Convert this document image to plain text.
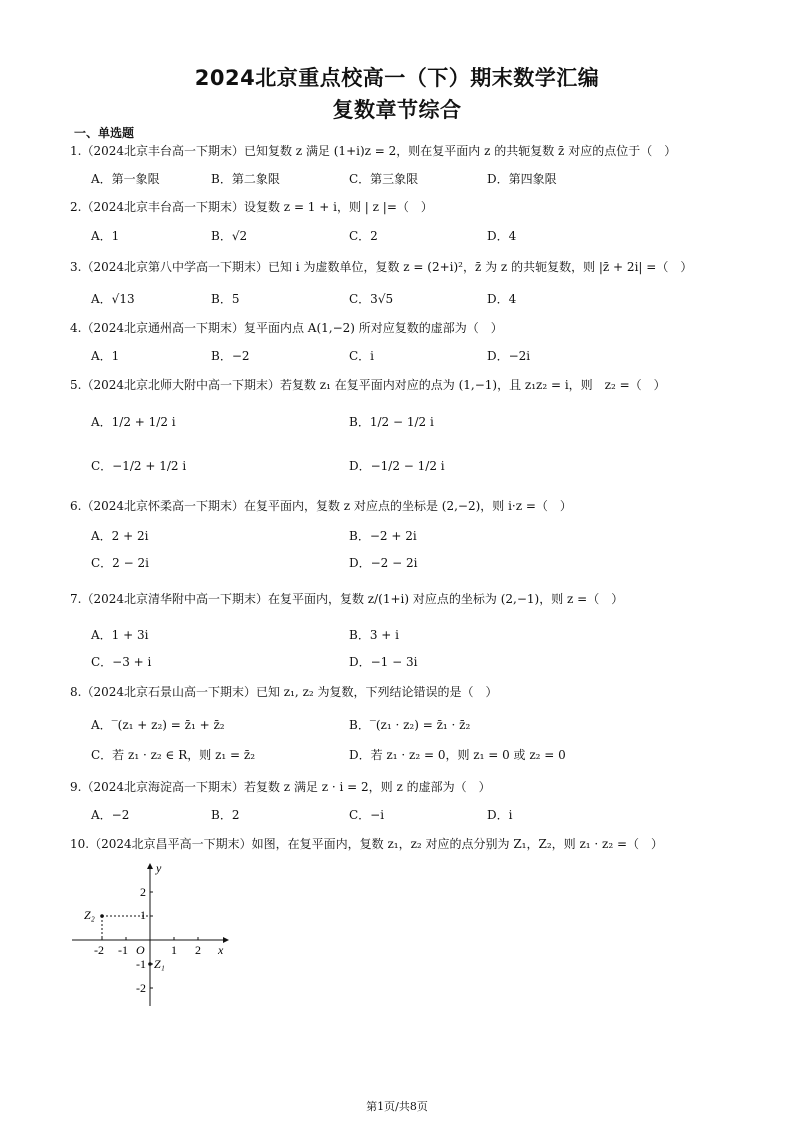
2024北京重点校高一（下）期末数学汇编
复数章节综合
一、单选题
1.（2024北京丰台高一下期末）已知复数 z 满足 (1+i)z = 2，则在复平面内 z 的共轭复数 z̄ 对应的点位于（　）
A．第一象限	B．第二象限	C．第三象限	D．第四象限
2.（2024北京丰台高一下期末）设复数 z = 1 + i，则 | z |=（　）
A．1	B．√2	C．2	D．4
3.（2024北京第八中学高一下期末）已知 i 为虚数单位，复数 z = (2+i)²，z̄ 为 z 的共轭复数，则 |z̄ + 2i| =（　）
A．√13	B．5	C．3√5	D．4
4.（2024北京通州高一下期末）复平面内点 A(1,−2) 所对应复数的虚部为（　）
A．1	B．−2	C．i	D．−2i
5.（2024北京北师大附中高一下期末）若复数 z₁ 在复平面内对应的点为 (1,−1)，且 z₁z₂ = i，则　z₂ =（　）
A．1/2 + 1/2 i	B．1/2 − 1/2 i
C．−1/2 + 1/2 i	D．−1/2 − 1/2 i
6.（2024北京怀柔高一下期末）在复平面内，复数 z 对应点的坐标是 (2,−2)，则 i·z =（　）
A．2 + 2i	B．−2 + 2i
C．2 − 2i	D．−2 − 2i
7.（2024北京清华附中高一下期末）在复平面内，复数 z/(1+i) 对应点的坐标为 (2,−1)，则 z =（　）
A．1 + 3i	B．3 + i
C．−3 + i	D．−1 − 3i
8.（2024北京石景山高一下期末）已知 z₁, z₂ 为复数，下列结论错误的是（　）
A．‾(z₁ + z₂) = z̄₁ + z̄₂	B．‾(z₁ · z₂) = z̄₁ · z̄₂
C．若 z₁ · z₂ ∈ R，则 z₁ = z̄₂	D．若 z₁ · z₂ = 0，则 z₁ = 0 或 z₂ = 0
9.（2024北京海淀高一下期末）若复数 z 满足 z · i = 2，则 z 的虚部为（　）
A．−2	B．2	C．−i	D．i
10.（2024北京昌平高一下期末）如图，在复平面内，复数 z₁，z₂ 对应的点分别为 Z₁，Z₂，则 z₁ · z₂ =（　）
y
x
O
-2 -1	1 2
2
1
-1
-2
Z₂
Z₁
第1页/共8页
